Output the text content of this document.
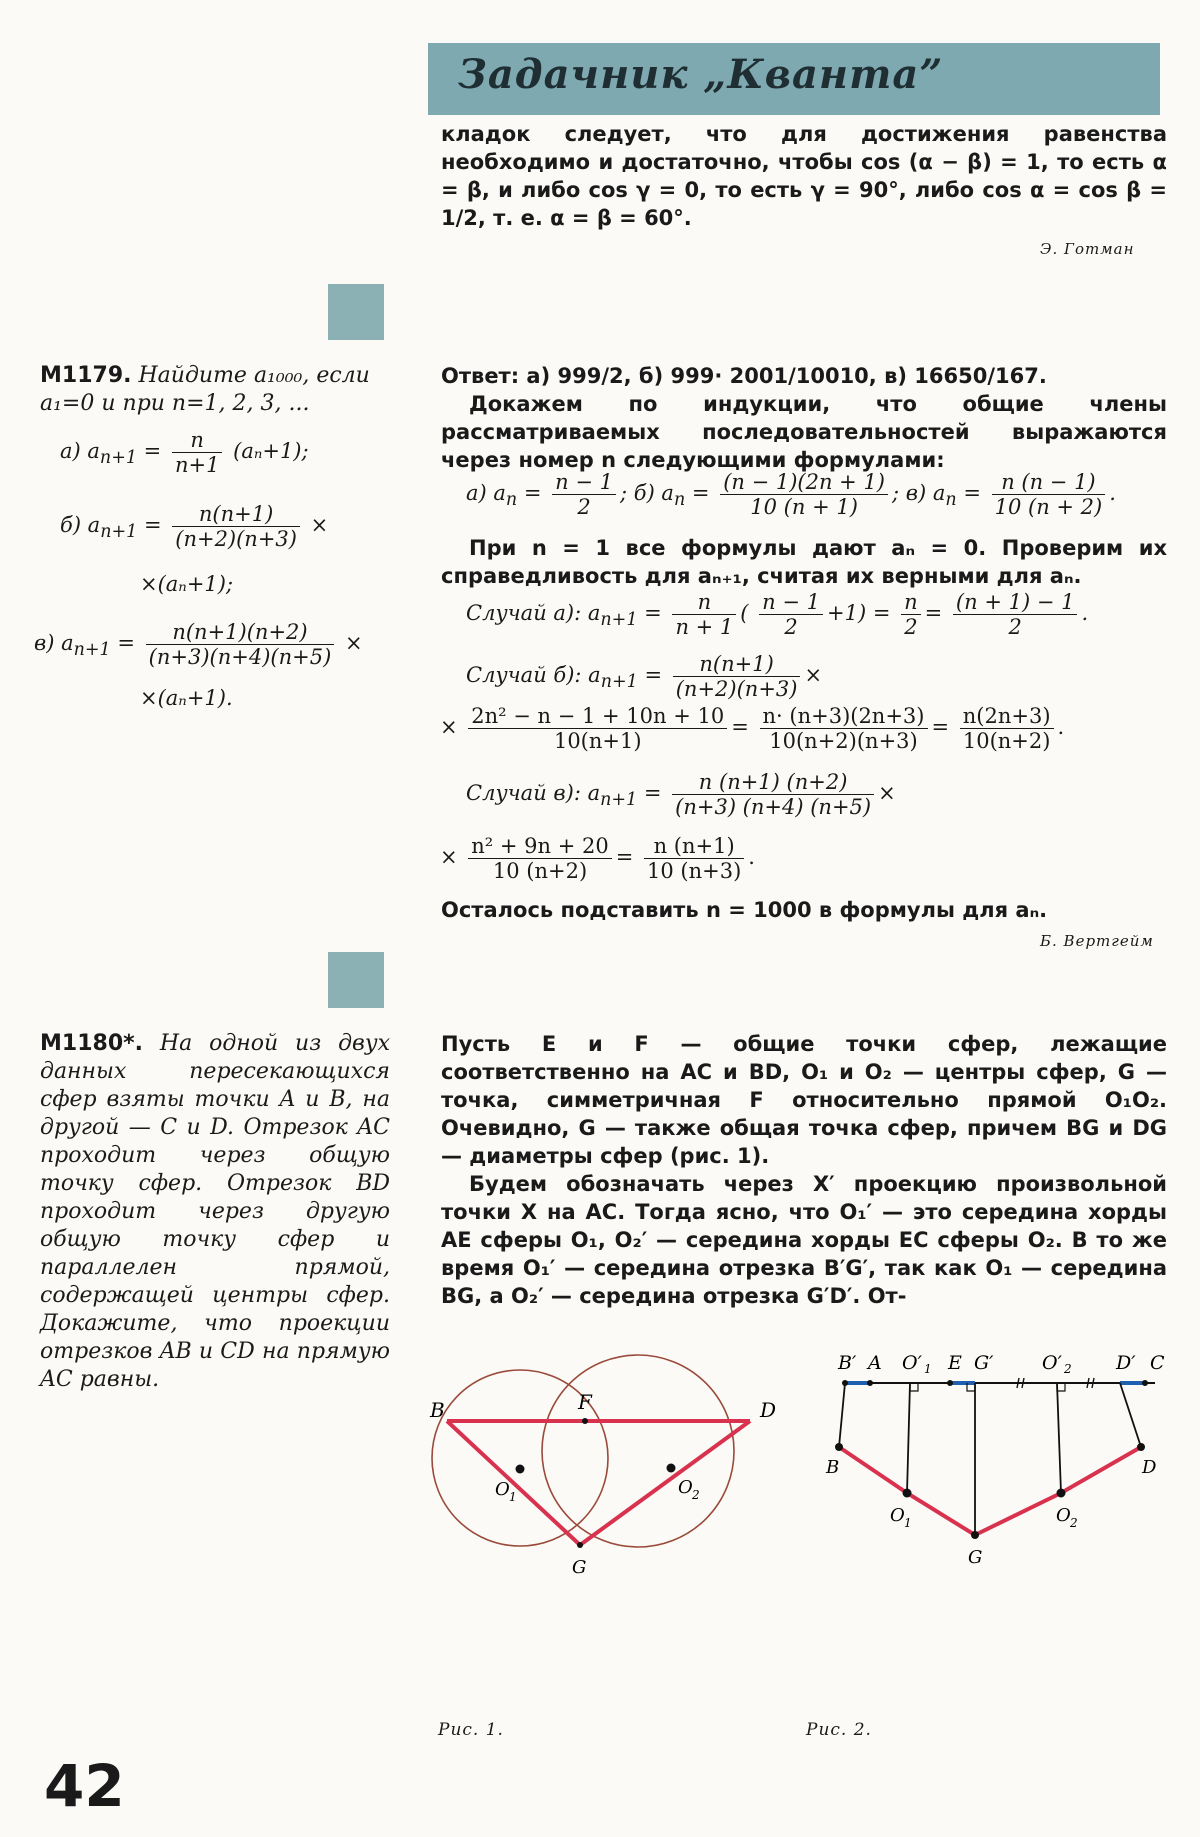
Задачник „Кванта”

кладок следует, что для достижения равенства необходимо и достаточно, чтобы cos (α − β) = 1, то есть α = β, и либо cos γ = 0, то есть γ = 90°, либо cos α = cos β = 1/2, т. е. α = β = 60°.

Э. Готман
M1179. Найдите a₁₀₀₀, если a₁=0 и при n=1, 2, 3, ...
а) $a_{n+1} = \frac{n}{n+1} (a_n+1)$;
б) $a_{n+1} = \frac{n(n+1)}{(n+2)(n+3)}$ ×
×(aₙ+1);
в) $a_{n+1} = \frac{n(n+1)(n+2)}{(n+3)(n+4)(n+5)}$ ×
×(aₙ+1).

Ответ: а) 999/2, б) 999· 2001/10010, в) 16650/167.

Докажем по индукции, что общие члены рассматриваемых последовательностей выражаются через номер n следующими формулами:

а) $a_n = \frac{n - 1}{2}$ ; б) $a_n = \frac{(n - 1)(2n + 1)}{10 (n + 1)}$ ; в) $a_n = \frac{n (n - 1)}{10 (n + 2)}$ .

При n = 1 все формулы дают aₙ = 0. Проверим их справедливость для aₙ₊₁, считая их верными для aₙ.

Случай а): $a_{n+1} = \frac{n}{n + 1}$ ( $\frac{n - 1}{2} +1) = \frac{n}{2} = \frac{(n + 1) - 1}{2}$ .
Случай б): $a_{n+1} = \frac{n(n+1)}{(n+2)(n+3)}$ ×
× $\frac{\text{2n² − n − 1 + 10n + 10}}{10(n+1)} = \frac{n\cdot (n+3)(2n+3)}{10(n+2)(n+3)} = \frac{n(2n+3)}{10(n+2)}$ .
Случай в): $a_{n+1} = \frac{n (n+1) (n+2)}{(n+3) (n+4) (n+5)}$ ×
× $\frac{\text{n² + 9n + 20}}{10 (n+2)} = \frac{n (n+1)}{10 (n+3)}$ .

Осталось подставить n = 1000 в формулы для aₙ.

Б. Вертгейм
M1180*. На одной из двух данных пересекающихся сфер взяты точки A и B, на другой — C и D. Отрезок AC проходит через общую точку сфер. Отрезок BD проходит через другую общую точку сфер и параллелен прямой, содержащей центры сфер. Докажите, что проекции отрезков AB и CD на прямую AC равны.

Пусть E и F — общие точки сфер, лежащие соответственно на AC и BD, O₁ и O₂ — центры сфер, G — точка, симметричная F относительно прямой O₁O₂. Очевидно, G — также общая точка сфер, причем BG и DG — диаметры сфер (рис. 1).

Будем обозначать через X′ проекцию произвольной точки X на AC. Тогда ясно, что O₁′ — это середина хорды AE сферы O₁, O₂′ — середина хорды EC сферы O₂. В то же время O₁′ — середина отрезка B′G′, так как O₁ — середина BG, а O₂′ — середина отрезка G′D′. От-

B	F	D
O 1	O 2
G
B′ A O′ 1 E G′	O′ 2 D′ C
B
O 1
G
O 2
D
Рис. 1.	Рис. 2.
42
